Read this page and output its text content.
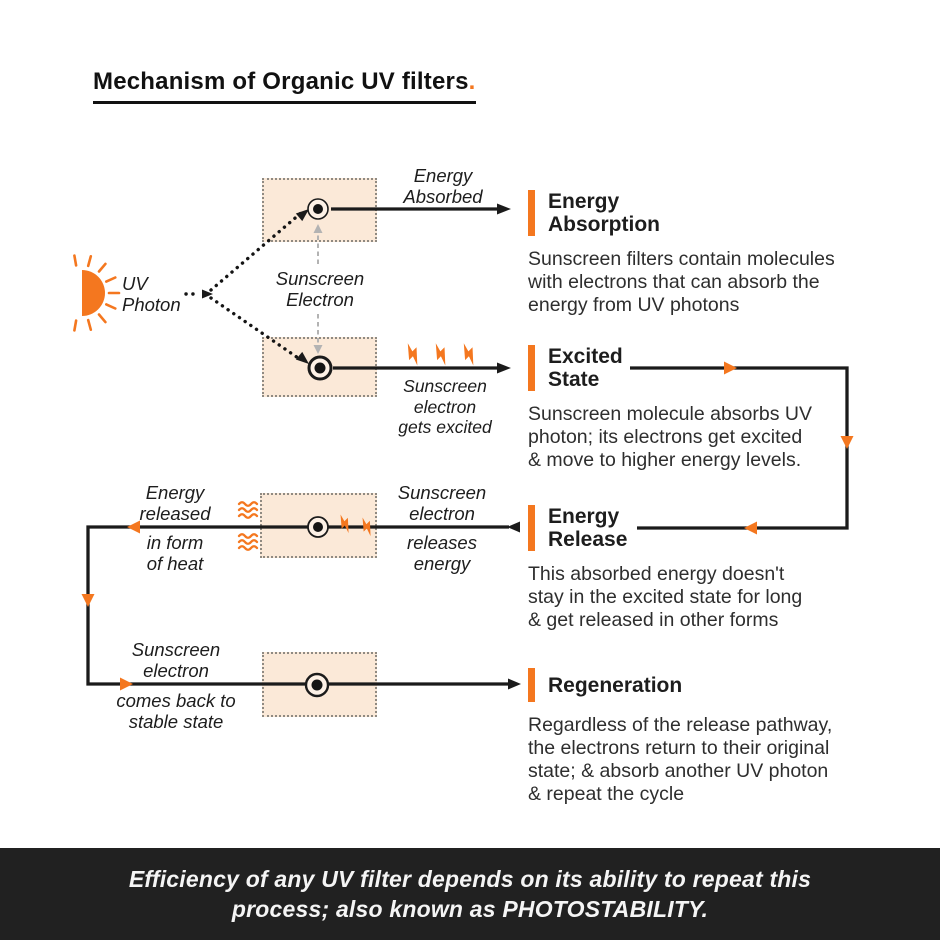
Mechanism of Organic UV filters.
UV
Photon
Sunscreen
Electron
Energy
Absorbed
Sunscreen
electron
gets excited
Energy
released
in form
of heat
Sunscreen
electron
releases
energy
Sunscreen
electron
comes back to
stable state
Energy
Absorption
Sunscreen filters contain molecules
with electrons that can absorb the
energy from UV photons
Excited
State
Sunscreen molecule absorbs UV
photon; its electrons get excited
& move to higher energy levels.
Energy
Release
This absorbed energy doesn't
stay in the excited state for long
& get released in other forms
Regeneration
Regardless of the release pathway,
the electrons return to their original
state; & absorb another UV photon
& repeat the cycle
Efficiency of any UV filter depends on its ability to repeat this
process; also known as PHOTOSTABILITY.
